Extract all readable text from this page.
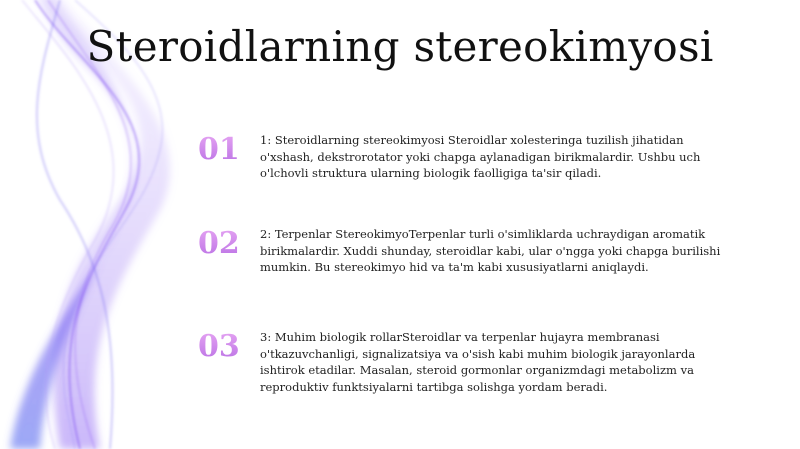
Steroidlarning stereokimyosi
01	1: Steroidlarning stereokimyosi Steroidlar xolesteringa tuzilish jihatidan o'xshash, dekstrorotator yoki chapga aylanadigan birikmalardir. Ushbu uch o'lchovli struktura ularning biologik faolligiga ta'sir qiladi.
02	2: Terpenlar StereokimyoTerpenlar turli o'simliklarda uchraydigan aromatik birikmalardir. Xuddi shunday, steroidlar kabi, ular o'ngga yoki chapga burilishi mumkin. Bu stereokimyo hid va ta'm kabi xususiyatlarni aniqlaydi.
03	3: Muhim biologik rollarSteroidlar va terpenlar hujayra membranasi o'tkazuvchanligi, signalizatsiya va o'sish kabi muhim biologik jarayonlarda ishtirok etadilar. Masalan, steroid gormonlar organizmdagi metabolizm va reproduktiv funktsiyalarni tartibga solishga yordam beradi.
